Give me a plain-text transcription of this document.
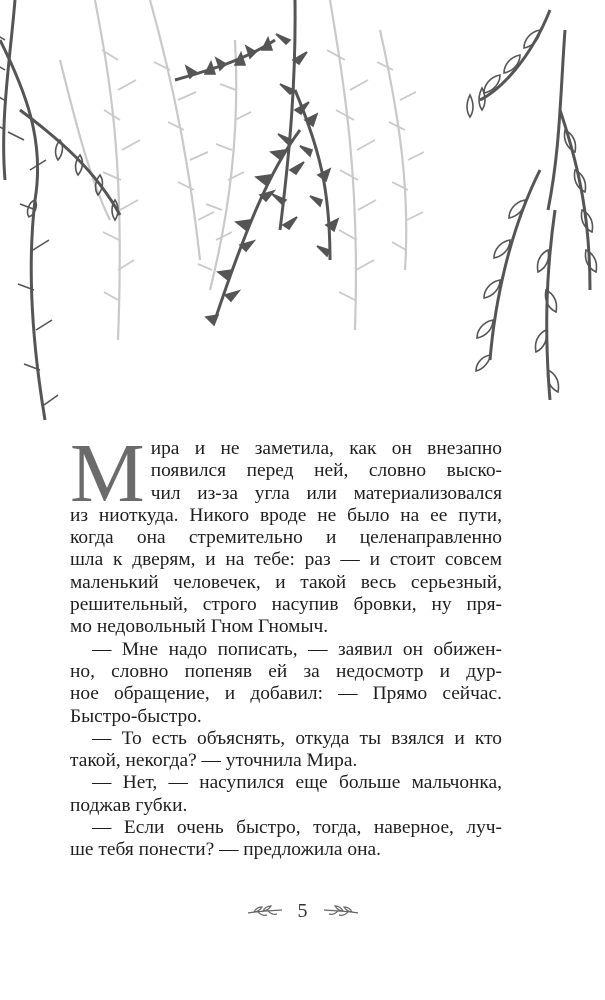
М ира и не заметила, как он внезапно
появился перед ней, словно выско-
чил из-за угла или материализовался
из ниоткуда. Никого вроде не было на ее пути,
когда она стремительно и целенаправленно
шла к дверям, и на тебе: раз — и стоит совсем
маленький человечек, и такой весь серьезный,
решительный, строго насупив бровки, ну пря-
мо недовольный Гном Гномыч.
— Мне надо пописать, — заявил он обижен-
но, словно попеняв ей за недосмотр и дур-
ное обращение, и добавил: — Прямо сейчас.
Быстро-быстро.
— То есть объяснять, откуда ты взялся и кто
такой, некогда? — уточнила Мира.
— Нет, — насупился еще больше мальчонка,
поджав губки.
— Если очень быстро, тогда, наверное, луч-
ше тебя понести? — предложила она.
5
